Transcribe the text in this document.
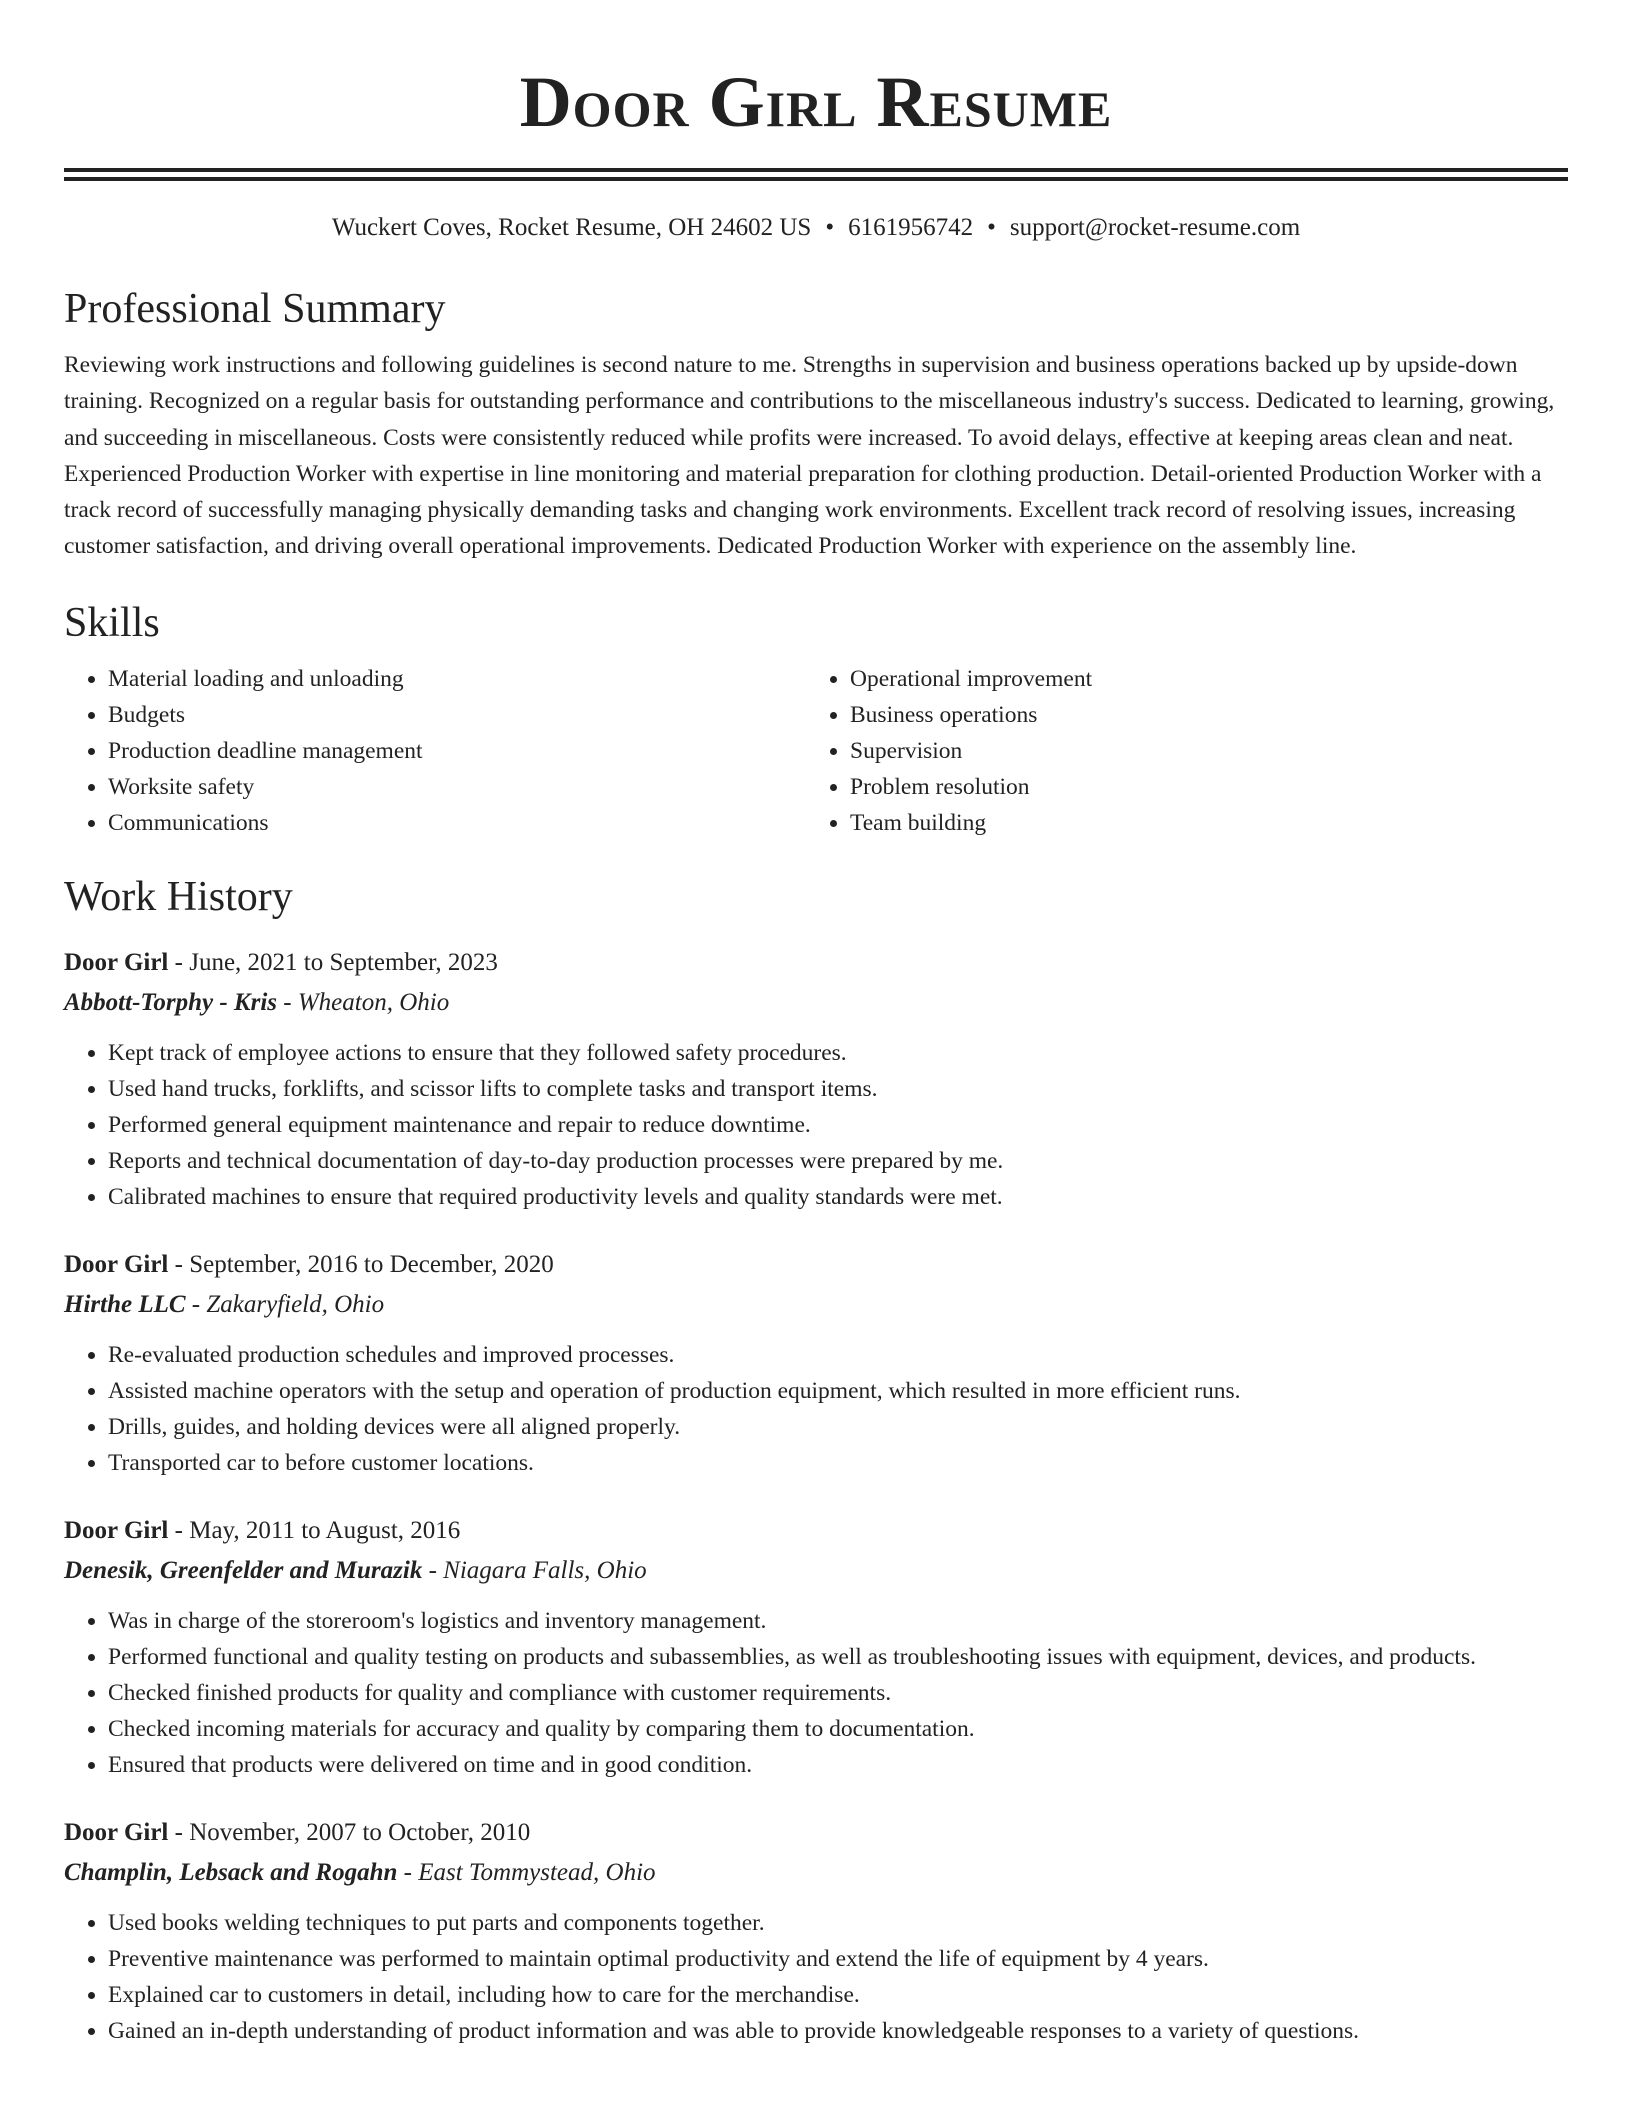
Door Girl Resume
Wuckert Coves, Rocket Resume, OH 24602 US • 6161956742 • support@rocket-resume.com
Professional Summary

Reviewing work instructions and following guidelines is second nature to me. Strengths in supervision and business operations backed up by upside-down training. Recognized on a regular basis for outstanding performance and contributions to the miscellaneous industry's success. Dedicated to learning, growing, and succeeding in miscellaneous. Costs were consistently reduced while profits were increased. To avoid delays, effective at keeping areas clean and neat. Experienced Production Worker with expertise in line monitoring and material preparation for clothing production. Detail-oriented Production Worker with a track record of successfully managing physically demanding tasks and changing work environments. Excellent track record of resolving issues, increasing customer satisfaction, and driving overall operational improvements. Dedicated Production Worker with experience on the assembly line.

Skills
• Material loading and unloading
• Budgets
• Production deadline management
• Worksite safety
• Communications
• Operational improvement
• Business operations
• Supervision
• Problem resolution
• Team building
Work History
Door Girl - June, 2021 to September, 2023
Abbott-Torphy - Kris - Wheaton, Ohio
• Kept track of employee actions to ensure that they followed safety procedures.
• Used hand trucks, forklifts, and scissor lifts to complete tasks and transport items.
• Performed general equipment maintenance and repair to reduce downtime.
• Reports and technical documentation of day-to-day production processes were prepared by me.
• Calibrated machines to ensure that required productivity levels and quality standards were met.
Door Girl - September, 2016 to December, 2020
Hirthe LLC - Zakaryfield, Ohio
• Re-evaluated production schedules and improved processes.
• Assisted machine operators with the setup and operation of production equipment, which resulted in more efficient runs.
• Drills, guides, and holding devices were all aligned properly.
• Transported car to before customer locations.
Door Girl - May, 2011 to August, 2016
Denesik, Greenfelder and Murazik - Niagara Falls, Ohio
• Was in charge of the storeroom's logistics and inventory management.
• Performed functional and quality testing on products and subassemblies, as well as troubleshooting issues with equipment, devices, and products.
• Checked finished products for quality and compliance with customer requirements.
• Checked incoming materials for accuracy and quality by comparing them to documentation.
• Ensured that products were delivered on time and in good condition.
Door Girl - November, 2007 to October, 2010
Champlin, Lebsack and Rogahn - East Tommystead, Ohio
• Used books welding techniques to put parts and components together.
• Preventive maintenance was performed to maintain optimal productivity and extend the life of equipment by 4 years.
• Explained car to customers in detail, including how to care for the merchandise.
• Gained an in-depth understanding of product information and was able to provide knowledgeable responses to a variety of questions.
